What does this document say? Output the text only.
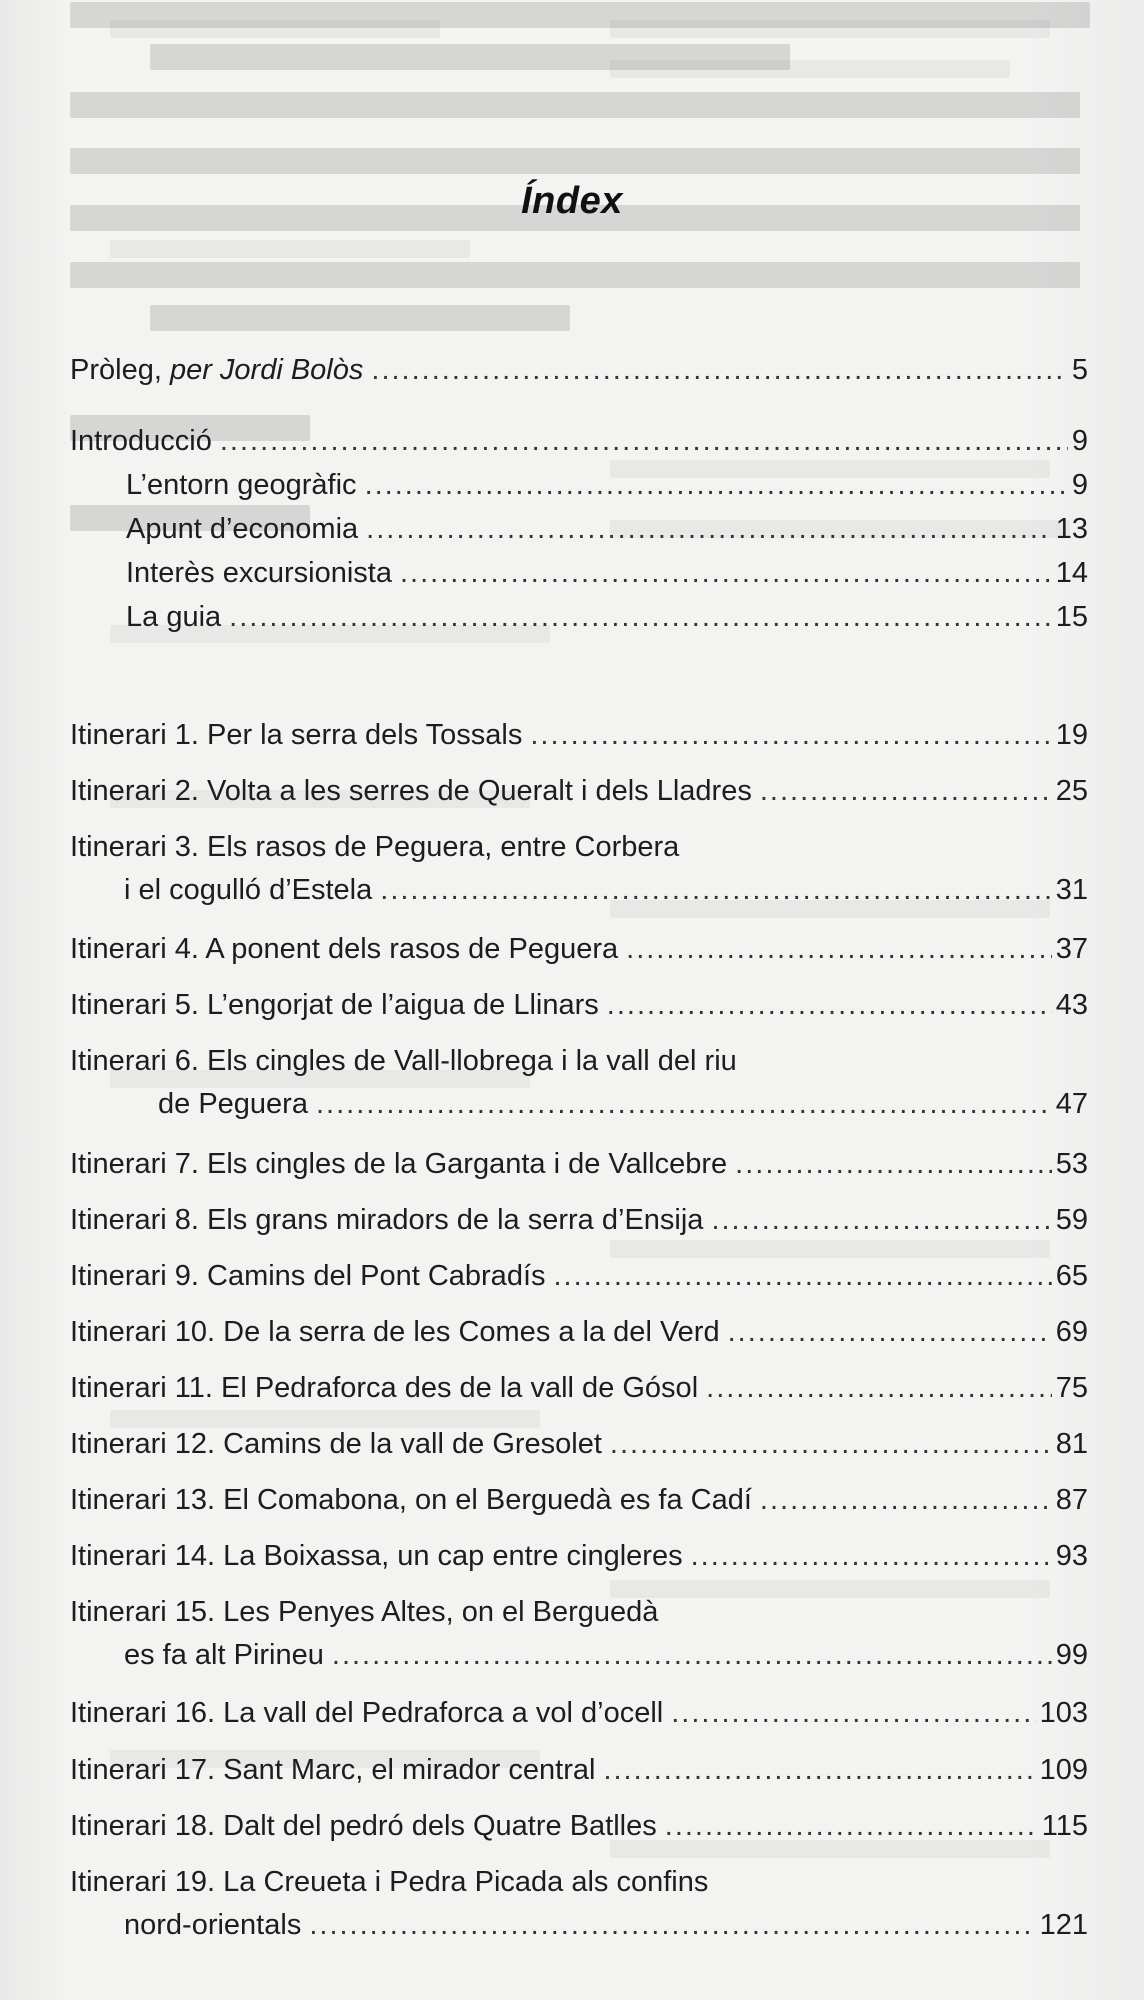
Índex
Pròleg, per Jordi Bolòs .....	5
Introducció .....	9
L’entorn geogràfic .....	9
Apunt d’economia .....	13
Interès excursionista .....	14
La guia .....	15
Itinerari 1. Per la serra dels Tossals .....	19
Itinerari 2. Volta a les serres de Queralt i dels Lladres .....	25
Itinerari 3. Els rasos de Peguera, entre Corbera
i el cogulló d’Estela .....	31
Itinerari 4. A ponent dels rasos de Peguera .....	37
Itinerari 5. L’engorjat de l’aigua de Llinars .....	43
Itinerari 6. Els cingles de Vall-llobrega i la vall del riu
de Peguera .....	47
Itinerari 7. Els cingles de la Garganta i de Vallcebre .....	53
Itinerari 8. Els grans miradors de la serra d’Ensija .....	59
Itinerari 9. Camins del Pont Cabradís .....	65
Itinerari 10. De la serra de les Comes a la del Verd .....	69
Itinerari 11. El Pedraforca des de la vall de Gósol .....	75
Itinerari 12. Camins de la vall de Gresolet .....	81
Itinerari 13. El Comabona, on el Berguedà es fa Cadí .....	87
Itinerari 14. La Boixassa, un cap entre cingleres .....	93
Itinerari 15. Les Penyes Altes, on el Berguedà
es fa alt Pirineu .....	99
Itinerari 16. La vall del Pedraforca a vol d’ocell .....	103
Itinerari 17. Sant Marc, el mirador central .....	109
Itinerari 18. Dalt del pedró dels Quatre Batlles .....	115
Itinerari 19. La Creueta i Pedra Picada als confins
nord-orientals .....	121
